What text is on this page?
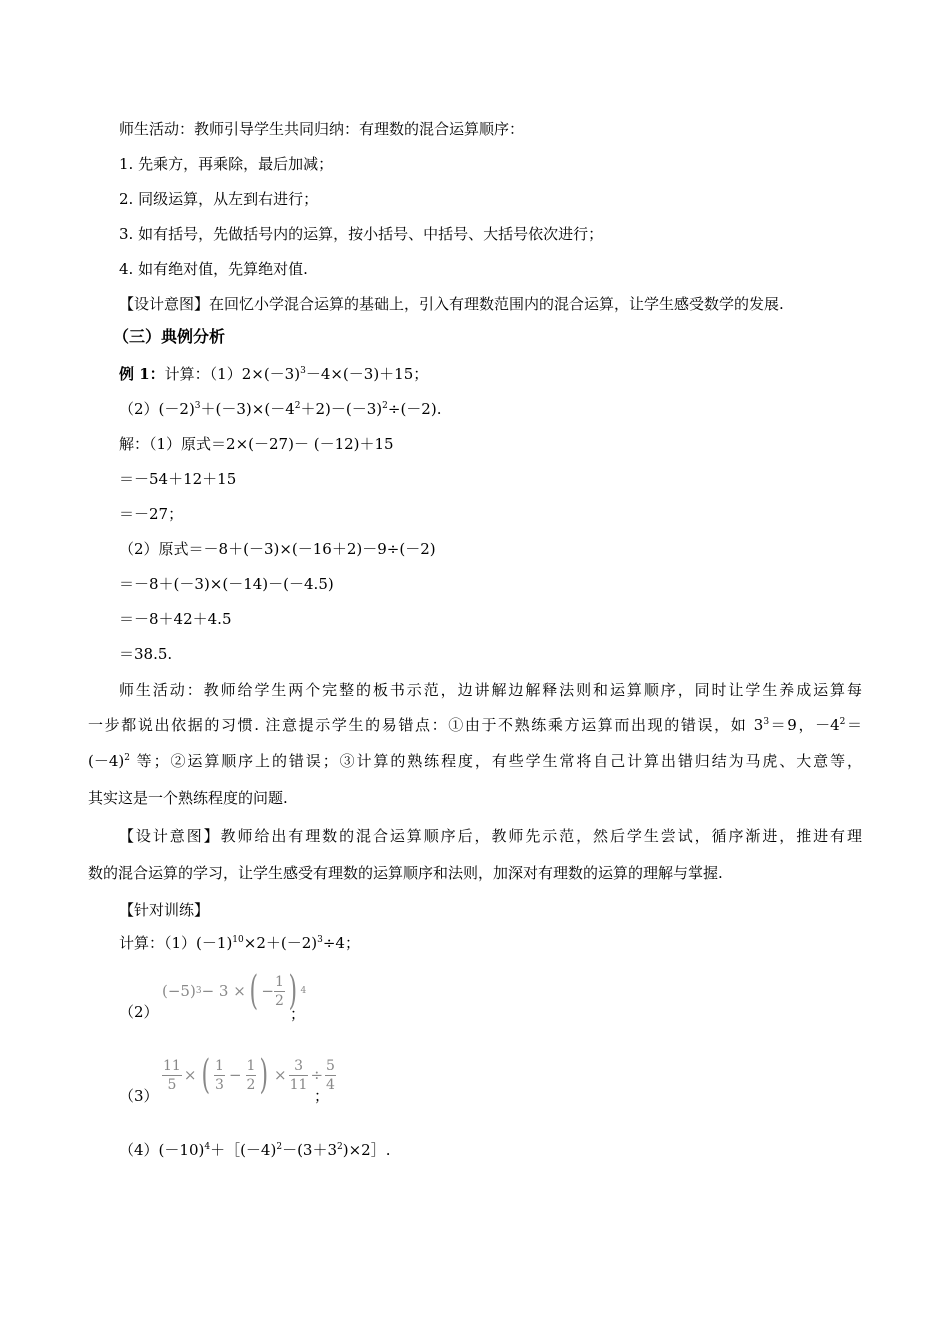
师生活动：教师引导学生共同归纳：有理数的混合运算顺序：
1. 先乘方，再乘除，最后加减；
2. 同级运算，从左到右进行；
3. 如有括号，先做括号内的运算，按小括号、中括号、大括号依次进行；
4. 如有绝对值，先算绝对值.
【设计意图】在回忆小学混合运算的基础上，引入有理数范围内的混合运算，让学生感受数学的发展.
（三）典例分析
例 1：计算：$(1)2\times(-3)^3-4\times(-3)+15$；
$(2)(-2)^3+(-3)\times(-4^2+2)-(-3)^2\div(-2)$.
解：（1）原式＝2×(－27)－ (－12)＋15
＝－54＋12＋15
＝－27；
（2）原式＝－8＋(－3)×(－16＋2)－9÷(－2)
＝－8＋(－3)×(－14)－(－4.5)
＝－8＋42＋4.5
＝38.5.
师生活动：教师给学生两个完整的板书示范，边讲解边解释法则和运算顺序，同时让学生养成运算每
一步都说出依据的习惯. 注意提示学生的易错点：①由于不熟练乘方运算而出现的错误，如 $3^3=9$，$-4^2=$
$(-4)^2$ 等；②运算顺序上的错误；③计算的熟练程度，有些学生常将自己计算出错归结为马虎、大意等，
其实这是一个熟练程度的问题.
【设计意图】教师给出有理数的混合运算顺序后，教师先示范，然后学生尝试，循序渐进，推进有理
数的混合运算的学习，让学生感受有理数的运算顺序和法则，加深对有理数的运算的理解与掌握.
【针对训练】
计算：$(1)(-1)^{10}\times 2+(-2)^3\div 4$；
（2）
(−5) 3 − 3 × ( − $\frac{1}{2}$ ) 4
；
（3）
$\frac{11}{5}$ × ( $\frac{1}{3} - \frac{1}{2}$ ) × $\frac{3}{11} \div \frac{5}{4}$
；
$(4)(-10)^4+[(-4)^2-(3+3^2)\times 2]$.
